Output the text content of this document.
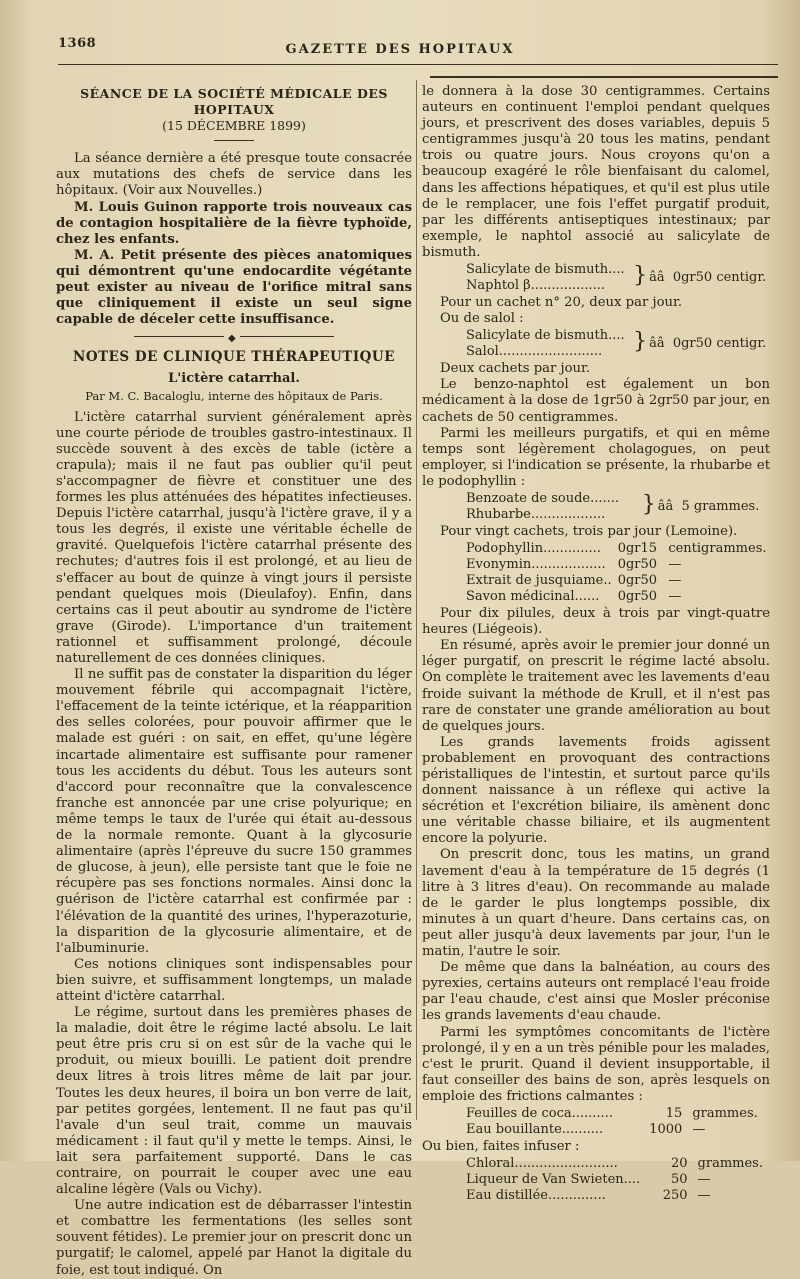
1368	GAZETTE DES HOPITAUX

SÉANCE DE LA SOCIÉTÉ MÉDICALE DES HOPITAUX

(15 DÉCEMBRE 1899)

La séance dernière a été presque toute consacrée aux mutations des chefs de service dans les hôpitaux. (Voir aux Nouvelles.)

M. Louis Guinon rapporte trois nouveaux cas de contagion hospitalière de la fièvre typhoïde, chez les enfants.

M. A. Petit présente des pièces anatomiques qui démontrent qu'une endocardite végétante peut exister au niveau de l'orifice mitral sans que cliniquement il existe un seul signe capable de déceler cette insuffisance.

◆

NOTES DE CLINIQUE THÉRAPEUTIQUE

L'ictère catarrhal.

Par M. C. Bacaloglu, interne des hôpitaux de Paris.

L'ictère catarrhal survient généralement après une courte période de troubles gastro-intestinaux. Il succède souvent à des excès de table (ictère a crapula); mais il ne faut pas oublier qu'il peut s'accompagner de fièvre et constituer une des formes les plus atténuées des hépatites infectieuses. Depuis l'ictère catarrhal, jusqu'à l'ictère grave, il y a tous les degrés, il existe une véritable échelle de gravité. Quelquefois l'ictère catarrhal présente des rechutes; d'autres fois il est prolongé, et au lieu de s'effacer au bout de quinze à vingt jours il persiste pendant quelques mois (Dieulafoy). Enfin, dans certains cas il peut aboutir au syndrome de l'ictère grave (Girode). L'importance d'un traitement rationnel et suffisamment prolongé, découle naturellement de ces données cliniques.

Il ne suffit pas de constater la disparition du léger mouvement fébrile qui accompagnait l'ictère, l'effacement de la teinte ictérique, et la réapparition des selles colorées, pour pouvoir affirmer que le malade est guéri : on sait, en effet, qu'une légère incartade alimentaire est suffisante pour ramener tous les accidents du début. Tous les auteurs sont d'accord pour reconnaître que la convalescence franche est annoncée par une crise polyurique; en même temps le taux de l'urée qui était au-dessous de la normale remonte. Quant à la glycosurie alimentaire (après l'épreuve du sucre 150 grammes de glucose, à jeun), elle persiste tant que le foie ne récupère pas ses fonctions normales. Ainsi donc la guérison de l'ictère catarrhal est confirmée par : l'élévation de la quantité des urines, l'hyperazoturie, la disparition de la glycosurie alimentaire, et de l'albuminurie.

Ces notions cliniques sont indispensables pour bien suivre, et suffisamment longtemps, un malade atteint d'ictère catarrhal.

Le régime, surtout dans les premières phases de la maladie, doit être le régime lacté absolu. Le lait peut être pris cru si on est sûr de la vache qui le produit, ou mieux bouilli. Le patient doit prendre deux litres à trois litres même de lait par jour. Toutes les deux heures, il boira un bon verre de lait, par petites gorgées, lentement. Il ne faut pas qu'il l'avale d'un seul trait, comme un mauvais médicament : il faut qu'il y mette le temps. Ainsi, le lait sera parfaitement supporté. Dans le cas contraire, on pourrait le couper avec une eau alcaline légère (Vals ou Vichy).

Une autre indication est de débarrasser l'intestin et combattre les fermentations (les selles sont souvent fétides). Le premier jour on prescrit donc un purgatif; le calomel, appelé par Hanot la digitale du foie, est tout indiqué. On

le donnera à la dose 30 centigrammes. Certains auteurs en continuent l'emploi pendant quelques jours, et prescrivent des doses variables, depuis 5 centigrammes jusqu'à 20 tous les matins, pendant trois ou quatre jours. Nous croyons qu'on a beaucoup exagéré le rôle bienfaisant du calomel, dans les affections hépatiques, et qu'il est plus utile de le remplacer, une fois l'effet purgatif produit, par les différents antiseptiques intestinaux; par exemple, le naphtol associé au salicylate de bismuth.

Salicylate de bismuth....	}	ââ 0gr50 centigr.
Naphtol β..................

Pour un cachet n° 20, deux par jour.

Ou de salol :

Salicylate de bismuth....	}	ââ 0gr50 centigr.
Salol.........................

Deux cachets par jour.

Le benzo-naphtol est également un bon médicament à la dose de 1gr50 à 2gr50 par jour, en cachets de 50 centigrammes.

Parmi les meilleurs purgatifs, et qui en même temps sont légèrement cholagogues, on peut employer, si l'indication se présente, la rhubarbe et le podophyllin :

Benzoate de soude.......	}	ââ 5 grammes.
Rhubarbe..................

Pour vingt cachets, trois par jour (Lemoine).

Podophyllin..............	0gr15	centigrammes.
Evonymin..................	0gr50	—
Extrait de jusquiame..	0gr50	—
Savon médicinal......	0gr50	—

Pour dix pilules, deux à trois par vingt-quatre heures (Liégeois).

En résumé, après avoir le premier jour donné un léger purgatif, on prescrit le régime lacté absolu. On complète le traitement avec les lavements d'eau froide suivant la méthode de Krull, et il n'est pas rare de constater une grande amélioration au bout de quelques jours.

Les grands lavements froids agissent probablement en provoquant des contractions péristalliques de l'intestin, et surtout parce qu'ils donnent naissance à un réflexe qui active la sécrétion et l'excrétion biliaire, ils amènent donc une véritable chasse biliaire, et ils augmentent encore la polyurie.

On prescrit donc, tous les matins, un grand lavement d'eau à la température de 15 degrés (1 litre à 3 litres d'eau). On recommande au malade de le garder le plus longtemps possible, dix minutes à un quart d'heure. Dans certains cas, on peut aller jusqu'à deux lavements par jour, l'un le matin, l'autre le soir.

De même que dans la balnéation, au cours des pyrexies, certains auteurs ont remplacé l'eau froide par l'eau chaude, c'est ainsi que Mosler préconise les grands lavements d'eau chaude.

Parmi les symptômes concomitants de l'ictère prolongé, il y en a un très pénible pour les malades, c'est le prurit. Quand il devient insupportable, il faut conseiller des bains de son, après lesquels on emploie des frictions calmantes :

Feuilles de coca..........	15	grammes.
Eau bouillante..........	1000	—

Ou bien, faites infuser :

Chloral.........................	20	grammes.
Liqueur de Van Swieten....	50	—
Eau distillée..............	250	—
